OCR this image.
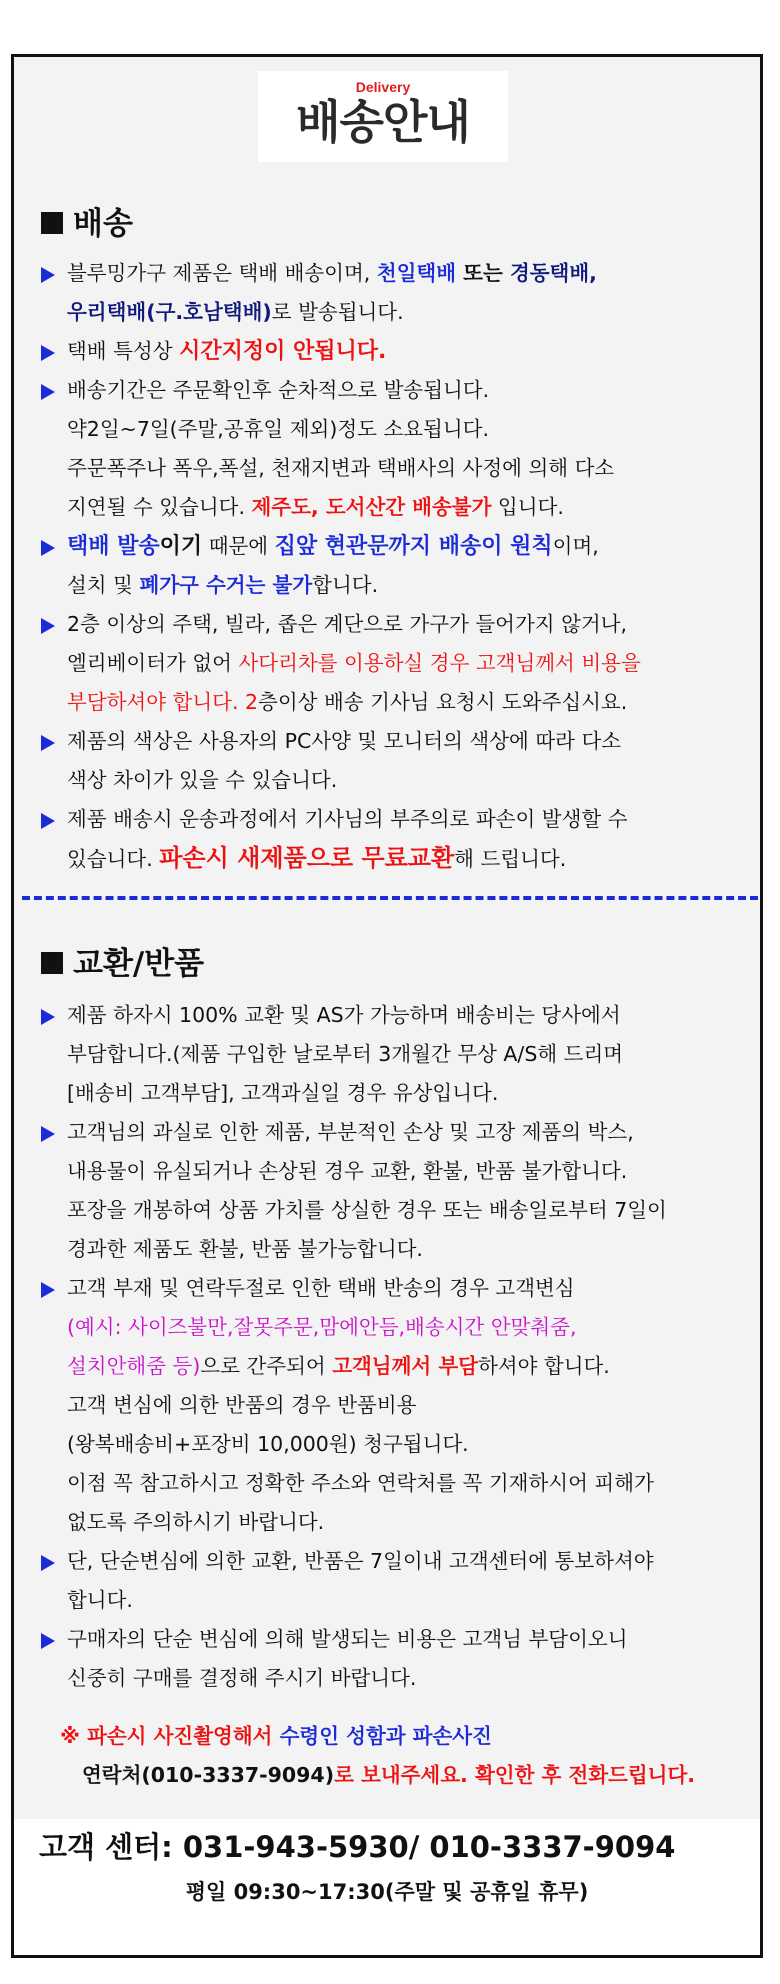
Delivery
배송안내
배송
블루밍가구 제품은 택배 배송이며, 천일택배 또는 경동택배,
우리택배(구.호남택배)로 발송됩니다.
택배 특성상 시간지정이 안됩니다.
배송기간은 주문확인후 순차적으로 발송됩니다.
약2일~7일(주말,공휴일 제외)정도 소요됩니다.
주문폭주나 폭우,폭설, 천재지변과 택배사의 사정에 의해 다소
지연될 수 있습니다. 제주도, 도서산간 배송불가 입니다.
택배 발송이기 때문에 집앞 현관문까지 배송이 원칙이며,
설치 및 폐가구 수거는 불가합니다.
2층 이상의 주택, 빌라, 좁은 계단으로 가구가 들어가지 않거나,
엘리베이터가 없어 사다리차를 이용하실 경우 고객님께서 비용을
부담하셔야 합니다. 2층이상 배송 기사님 요청시 도와주십시요.
제품의 색상은 사용자의 PC사양 및 모니터의 색상에 따라 다소
색상 차이가 있을 수 있습니다.
제품 배송시 운송과정에서 기사님의 부주의로 파손이 발생할 수
있습니다. 파손시 새제품으로 무료교환해 드립니다.
교환/반품
제품 하자시 100% 교환 및 AS가 가능하며 배송비는 당사에서
부담합니다.(제품 구입한 날로부터 3개월간 무상 A/S해 드리며
[배송비 고객부담], 고객과실일 경우 유상입니다.
고객님의 과실로 인한 제품, 부분적인 손상 및 고장 제품의 박스,
내용물이 유실되거나 손상된 경우 교환, 환불, 반품 불가합니다.
포장을 개봉하여 상품 가치를 상실한 경우 또는 배송일로부터 7일이
경과한 제품도 환불, 반품 불가능합니다.
고객 부재 및 연락두절로 인한 택배 반송의 경우 고객변심
(예시: 사이즈불만,잘못주문,맘에안듬,배송시간 안맞춰줌,
설치안해줌 등)으로 간주되어 고객님께서 부담하셔야 합니다.
고객 변심에 의한 반품의 경우 반품비용
(왕복배송비+포장비 10,000원) 청구됩니다.
이점 꼭 참고하시고 정확한 주소와 연락처를 꼭 기재하시어 피해가
없도록 주의하시기 바랍니다.
단, 단순변심에 의한 교환, 반품은 7일이내 고객센터에 통보하셔야
합니다.
구매자의 단순 변심에 의해 발생되는 비용은 고객님 부담이오니
신중히 구매를 결정해 주시기 바랍니다.
※ 파손시 사진촬영해서 수령인 성함과 파손사진
연락처(010-3337-9094)로 보내주세요. 확인한 후 전화드립니다.
고객 센터: 031-943-5930/ 010-3337-9094
평일 09:30~17:30(주말 및 공휴일 휴무)
